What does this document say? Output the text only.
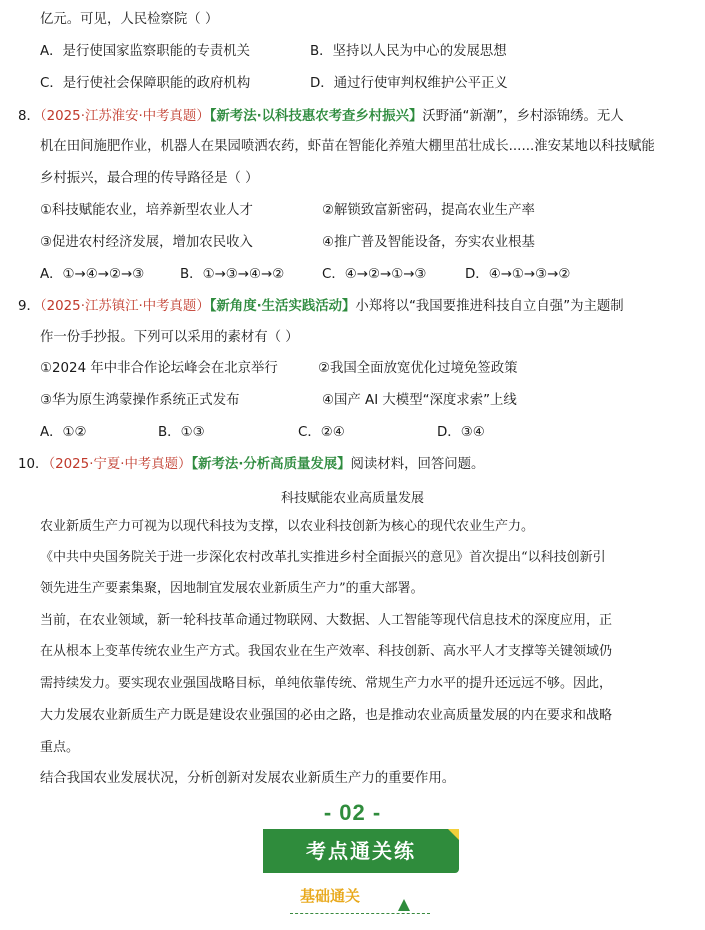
亿元。可见，人民检察院（ ）
A．是行使国家监察职能的专责机关	B．坚持以人民为中心的发展思想
C．是行使社会保障职能的政府机构	D．通过行使审判权维护公平正义
8．（2025·江苏淮安·中考真题）【新考法·以科技惠农考查乡村振兴】沃野涌“新潮”，乡村添锦绣。无人
机在田间施肥作业，机器人在果园喷洒农药，虾苗在智能化养殖大棚里茁壮成长......淮安某地以科技赋能
乡村振兴，最合理的传导路径是（ ）
①科技赋能农业，培养新型农业人才	②解锁致富新密码，提高农业生产率
③促进农村经济发展，增加农民收入	④推广普及智能设备，夯实农业根基
A．①→④→②→③	B．①→③→④→②	C．④→②→①→③	D．④→①→③→②
9．（2025·江苏镇江·中考真题）【新角度·生活实践活动】小郑将以“我国要推进科技自立自强”为主题制
作一份手抄报。下列可以采用的素材有（ ）
①2024 年中非合作论坛峰会在北京举行	②我国全面放宽优化过境免签政策
③华为原生鸿蒙操作系统正式发布	④国产 AI 大模型“深度求索”上线
A．①②	B．①③	C．②④	D．③④
10．（2025·宁夏·中考真题）【新考法·分析高质量发展】阅读材料，回答问题。
科技赋能农业高质量发展
农业新质生产力可视为以现代科技为支撑，以农业科技创新为核心的现代农业生产力。
《中共中央国务院关于进一步深化农村改革扎实推进乡村全面振兴的意见》首次提出“以科技创新引
领先进生产要素集聚，因地制宜发展农业新质生产力”的重大部署。
当前，在农业领域，新一轮科技革命通过物联网、大数据、人工智能等现代信息技术的深度应用，正
在从根本上变革传统农业生产方式。我国农业在生产效率、科技创新、高水平人才支撑等关键领域仍
需持续发力。要实现农业强国战略目标，单纯依靠传统、常规生产力水平的提升还远远不够。因此，
大力发展农业新质生产力既是建设农业强国的必由之路，也是推动农业高质量发展的内在要求和战略
重点。
结合我国农业发展状况，分析创新对发展农业新质生产力的重要作用。
- 02 -
考点通关练
基础通关
